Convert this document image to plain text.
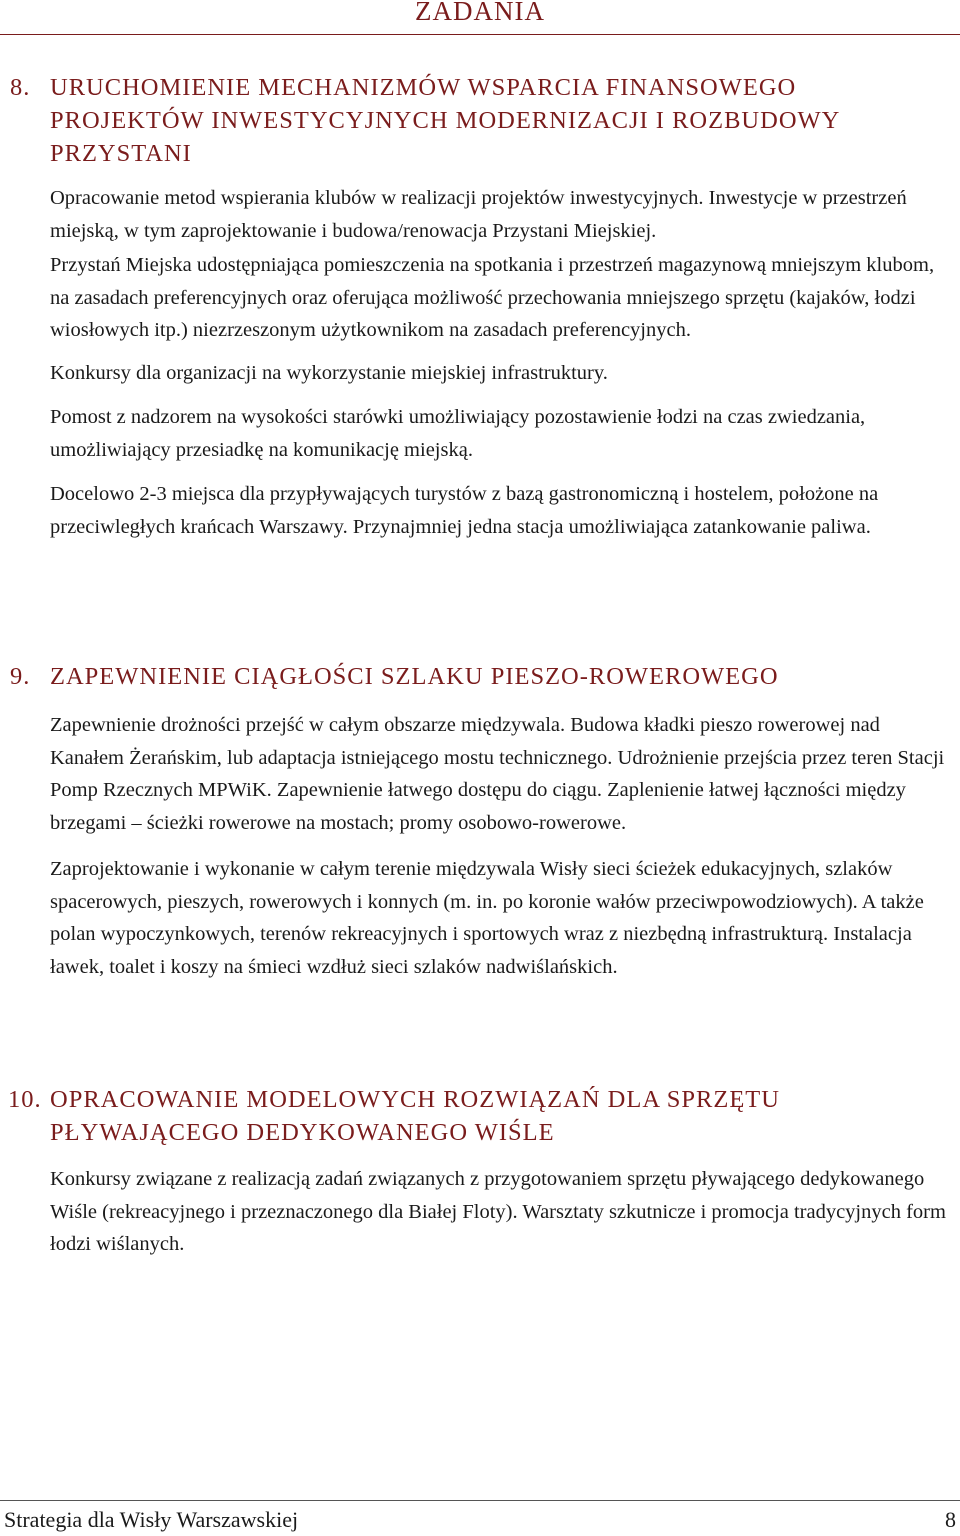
ZADANIA
8. URUCHOMIENIE MECHANIZMÓW WSPARCIA FINANSOWEGO PROJEKTÓW INWESTYCYJNYCH MODERNIZACJI I ROZBUDOWY PRZYSTANI

Opracowanie metod wspierania klubów w realizacji projektów inwestycyjnych. Inwestycje w przestrzeń miejską, w tym zaprojektowanie i budowa/renowacja Przystani Miejskiej.

Przystań Miejska udostępniająca pomieszczenia na spotkania i przestrzeń magazynową mniejszym klubom, na zasadach preferencyjnych oraz oferująca możliwość przechowania mniejszego sprzętu (kajaków, łodzi wiosłowych itp.) niezrzeszonym użytkownikom na zasadach preferencyjnych.

Konkursy dla organizacji na wykorzystanie miejskiej infrastruktury.

Pomost z nadzorem na wysokości starówki umożliwiający pozostawienie łodzi na czas zwiedzania, umożliwiający przesiadkę na komunikację miejską.

Docelowo 2-3 miejsca dla przypływających turystów z bazą gastronomiczną i hostelem, położone na przeciwległych krańcach Warszawy. Przynajmniej jedna stacja umożliwiająca zatankowanie paliwa.

9. ZAPEWNIENIE CIĄGŁOŚCI SZLAKU PIESZO-ROWEROWEGO

Zapewnienie drożności przejść w całym obszarze międzywala. Budowa kładki pieszo rowerowej nad Kanałem Żerańskim, lub adaptacja istniejącego mostu technicznego. Udrożnienie przejścia przez teren Stacji Pomp Rzecznych MPWiK. Zapewnienie łatwego dostępu do ciągu. Zaplenienie łatwej łączności między brzegami – ścieżki rowerowe na mostach; promy osobowo-rowerowe.

Zaprojektowanie i wykonanie w całym terenie międzywala Wisły sieci ścieżek edukacyjnych, szlaków spacerowych, pieszych, rowerowych i konnych (m. in. po koronie wałów przeciwpowodziowych). A także polan wypoczynkowych, terenów rekreacyjnych i sportowych wraz z niezbędną infrastrukturą. Instalacja ławek, toalet i koszy na śmieci wzdłuż sieci szlaków nadwiślańskich.

10. OPRACOWANIE MODELOWYCH ROZWIĄZAŃ DLA SPRZĘTU PŁYWAJĄCEGO DEDYKOWANEGO WIŚLE

Konkursy związane z realizacją zadań związanych z przygotowaniem sprzętu pływającego dedykowanego Wiśle (rekreacyjnego i przeznaczonego dla Białej Floty). Warsztaty szkutnicze i promocja tradycyjnych form łodzi wiślanych.

Strategia dla Wisły Warszawskiej	8
